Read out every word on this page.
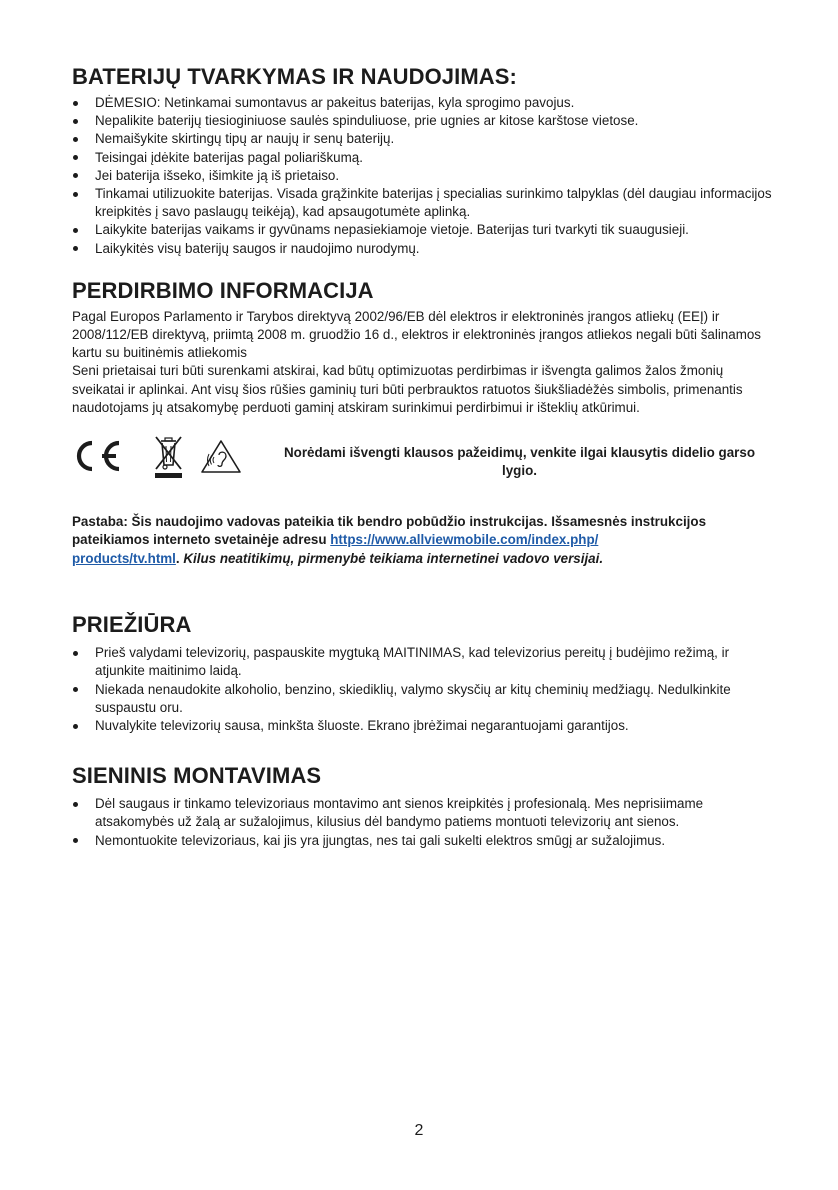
BATERIJŲ TVARKYMAS IR NAUDOJIMAS:
DĖMESIO: Netinkamai sumontavus ar pakeitus baterijas, kyla sprogimo pavojus.
Nepalikite baterijų tiesioginiuose saulės spinduliuose, prie ugnies ar kitose karštose vietose.
Nemaišykite skirtingų tipų ar naujų ir senų baterijų.
Teisingai įdėkite baterijas pagal poliariškumą.
Jei baterija išseko, išimkite ją iš prietaiso.
Tinkamai utilizuokite baterijas. Visada grąžinkite baterijas į specialias surinkimo talpyklas (dėl daugiau informacijos kreipkitės į savo paslaugų teikėją), kad apsaugotumėte aplinką.
Laikykite baterijas vaikams ir gyvūnams nepasiekiamoje vietoje. Baterijas turi tvarkyti tik suaugusieji.
Laikykitės visų baterijų saugos ir naudojimo nurodymų.
PERDIRBIMO INFORMACIJA

Pagal Europos Parlamento ir Tarybos direktyvą 2002/96/EB dėl elektros ir elektroninės įrangos atliekų (EEĮ) ir 2008/112/EB direktyvą, priimtą 2008 m. gruodžio 16 d., elektros ir elektroninės įrangos atliekos negali būti šalinamos kartu su buitinėmis atliekomis

Seni prietaisai turi būti surenkami atskirai, kad būtų optimizuotas perdirbimas ir išvengta galimos žalos žmonių sveikatai ir aplinkai. Ant visų šios rūšies gaminių turi būti perbrauktos ratuotos šiukšliadėžės simbolis, primenantis naudotojams jų atsakomybę perduoti gaminį atskiram surinkimui perdirbimui ir išteklių atkūrimui.

Norėdami išvengti klausos pažeidimų, venkite ilgai klausytis didelio garso lygio.

Pastaba: Šis naudojimo vadovas pateikia tik bendro pobūdžio instrukcijas. Išsamesnės instrukcijos pateikiamos interneto svetainėje adresu https://www.allviewmobile.com/index.php/
products/tv.html. Kilus neatitikimų, pirmenybė teikiama internetinei vadovo versijai.

PRIEŽIŪRA
Prieš valydami televizorių, paspauskite mygtuką MAITINIMAS, kad televizorius pereitų į budėjimo režimą, ir atjunkite maitinimo laidą.
Niekada nenaudokite alkoholio, benzino, skiediklių, valymo skysčių ar kitų cheminių medžiagų. Nedulkinkite suspaustu oru.
Nuvalykite televizorių sausa, minkšta šluoste. Ekrano įbrėžimai negarantuojami garantijos.
SIENINIS MONTAVIMAS
Dėl saugaus ir tinkamo televizoriaus montavimo ant sienos kreipkitės į profesionalą. Mes neprisiimame atsakomybės už žalą ar sužalojimus, kilusius dėl bandymo patiems montuoti televizorių ant sienos.
Nemontuokite televizoriaus, kai jis yra įjungtas, nes tai gali sukelti elektros smūgį ar sužalojimus.
2
